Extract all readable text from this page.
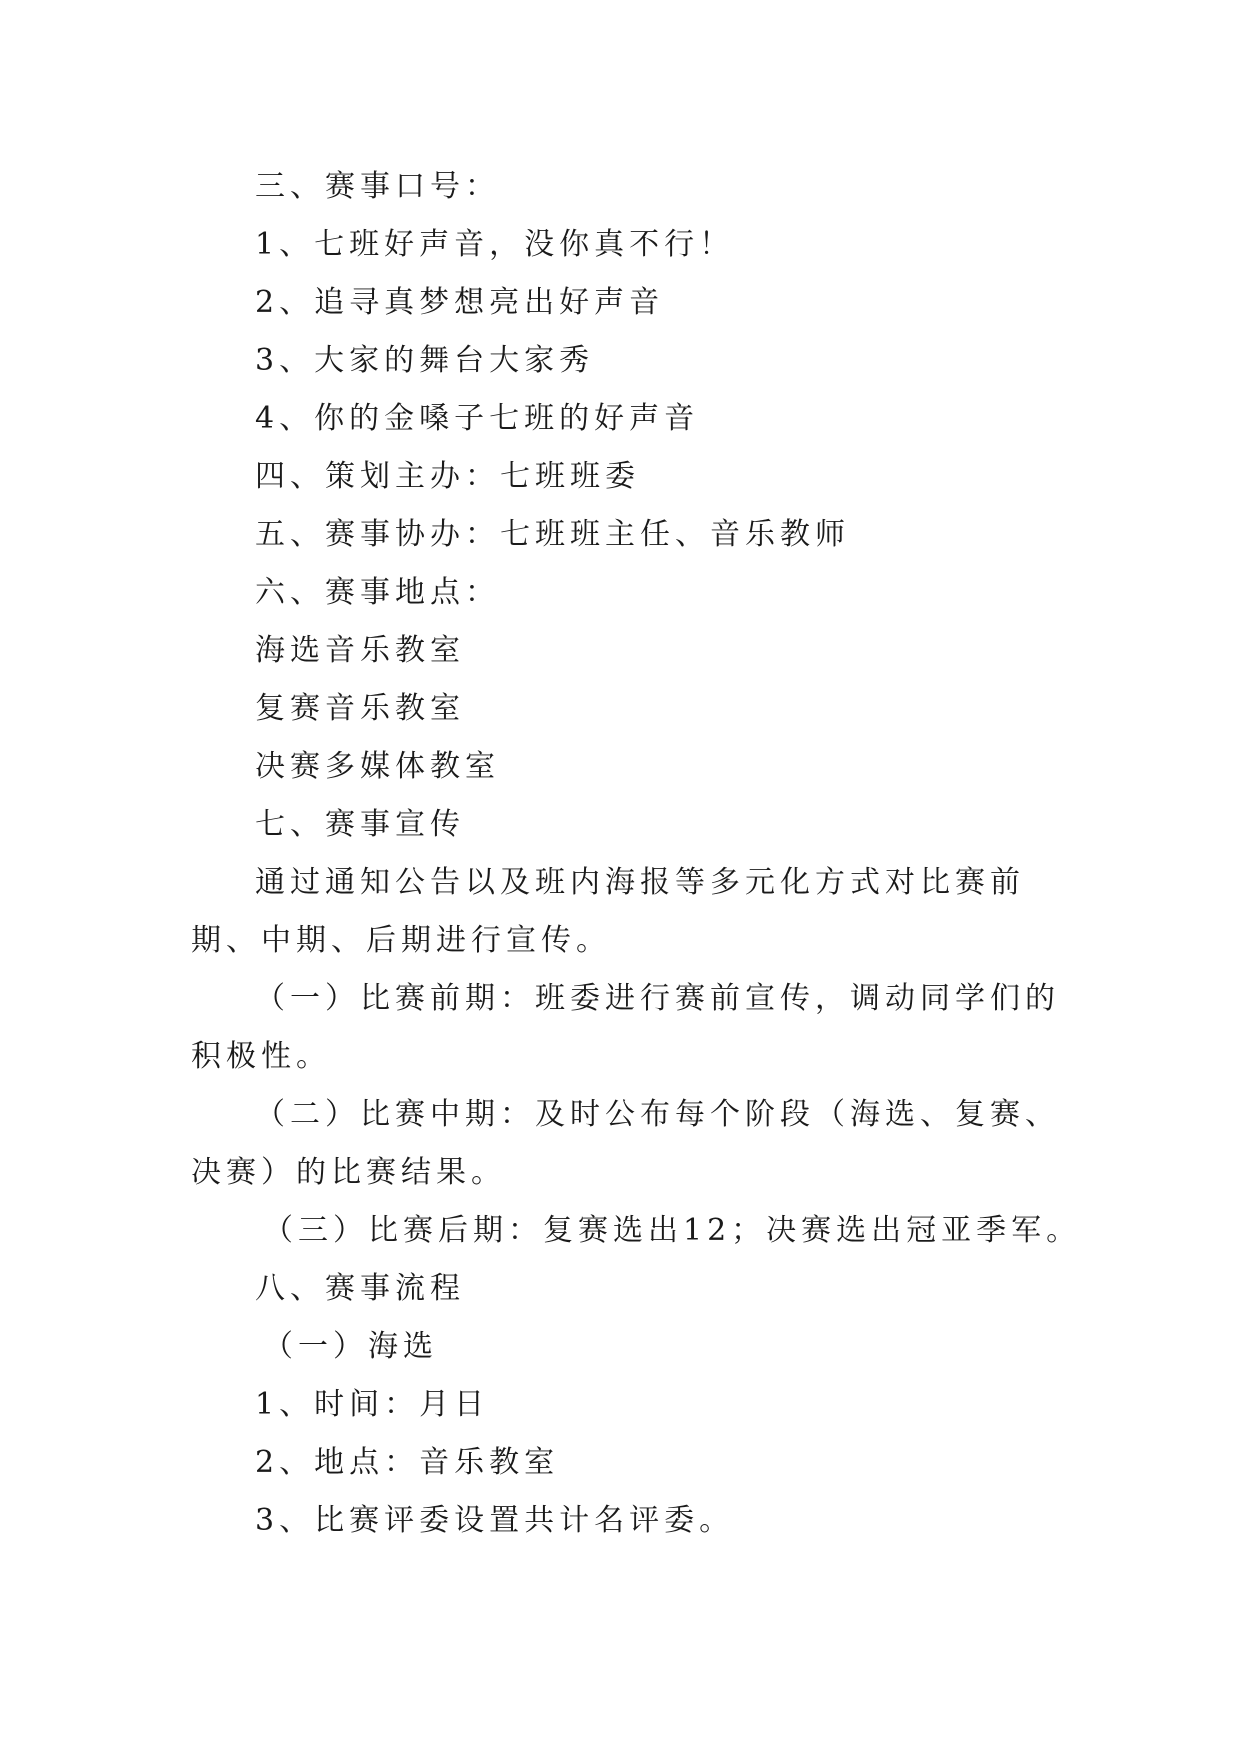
三、赛事口号：
1、七班好声音，没你真不行！
2、追寻真梦想亮出好声音
3、大家的舞台大家秀
4、你的金嗓子七班的好声音
四、策划主办：七班班委
五、赛事协办：七班班主任、音乐教师
六、赛事地点：
海选音乐教室
复赛音乐教室
决赛多媒体教室
七、赛事宣传
通过通知公告以及班内海报等多元化方式对比赛前期、中期、后期进行宣传。
（一）比赛前期：班委进行赛前宣传，调动同学们的积极性。
（二）比赛中期：及时公布每个阶段（海选、复赛、决赛）的比赛结果。
（三）比赛后期：复赛选出12；决赛选出冠亚季军。
八、赛事流程
（一）海选
1、时间：月日
2、地点：音乐教室
3、比赛评委设置共计名评委。
